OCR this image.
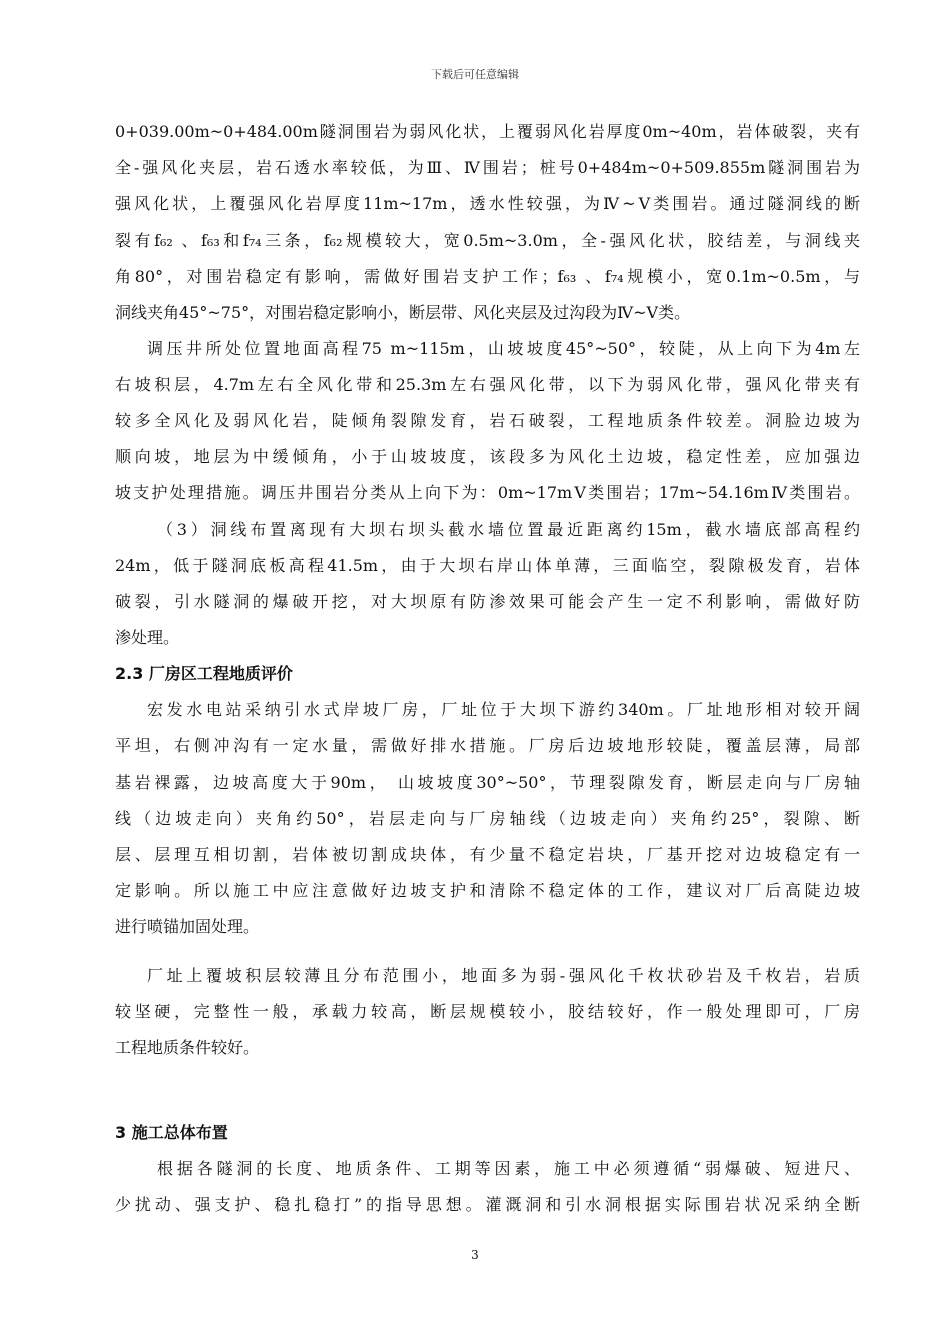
下载后可任意编辑
0+039.00m~0+484.00m隧洞围岩为弱风化状，上覆弱风化岩厚度0m~40m，岩体破裂，夹有
全-强风化夹层，岩石透水率较低，为Ⅲ、Ⅳ围岩；桩号0+484m~0+509.855m隧洞围岩为
强风化状，上覆强风化岩厚度11m~17m，透水性较强，为Ⅳ~Ⅴ类围岩。通过隧洞线的断
裂有f₆₂ 、f₆₃和f₇₄三条，f₆₂规模较大，宽0.5m~3.0m，全-强风化状，胶结差，与洞线夹
角80°，对围岩稳定有影响，需做好围岩支护工作；f₆₃ 、f₇₄规模小，宽0.1m~0.5m，与
洞线夹角45°~75°，对围岩稳定影响小，断层带、风化夹层及过沟段为Ⅳ~Ⅴ类。
调压井所处位置地面高程75 m~115m，山坡坡度45°~50°，较陡，从上向下为4m左
右坡积层，4.7m左右全风化带和25.3m左右强风化带，以下为弱风化带，强风化带夹有
较多全风化及弱风化岩，陡倾角裂隙发育，岩石破裂，工程地质条件较差。洞脸边坡为
顺向坡，地层为中缓倾角，小于山坡坡度，该段多为风化土边坡，稳定性差，应加强边
坡支护处理措施。调压井围岩分类从上向下为：0m~17mⅤ类围岩；17m~54.16mⅣ类围岩。
（3）洞线布置离现有大坝右坝头截水墙位置最近距离约15m，截水墙底部高程约
24m，低于隧洞底板高程41.5m，由于大坝右岸山体单薄，三面临空，裂隙极发育，岩体
破裂，引水隧洞的爆破开挖，对大坝原有防渗效果可能会产生一定不利影响，需做好防
渗处理。
2.3 厂房区工程地质评价
宏发水电站采纳引水式岸坡厂房，厂址位于大坝下游约340m。厂址地形相对较开阔
平坦，右侧冲沟有一定水量，需做好排水措施。厂房后边坡地形较陡，覆盖层薄，局部
基岩裸露，边坡高度大于90m， 山坡坡度30°~50°，节理裂隙发育，断层走向与厂房轴
线（边坡走向）夹角约50°，岩层走向与厂房轴线（边坡走向）夹角约25°，裂隙、断
层、层理互相切割，岩体被切割成块体，有少量不稳定岩块，厂基开挖对边坡稳定有一
定影响。所以施工中应注意做好边坡支护和清除不稳定体的工作，建议对厂后高陡边坡
进行喷锚加固处理。
厂址上覆坡积层较薄且分布范围小，地面多为弱-强风化千枚状砂岩及千枚岩，岩质
较坚硬，完整性一般，承载力较高，断层规模较小，胶结较好，作一般处理即可，厂房
工程地质条件较好。
3 施工总体布置
根据各隧洞的长度、地质条件、工期等因素，施工中必须遵循“弱爆破、短进尺、
少扰动、强支护、稳扎稳打”的指导思想。灌溉洞和引水洞根据实际围岩状况采纳全断
3
